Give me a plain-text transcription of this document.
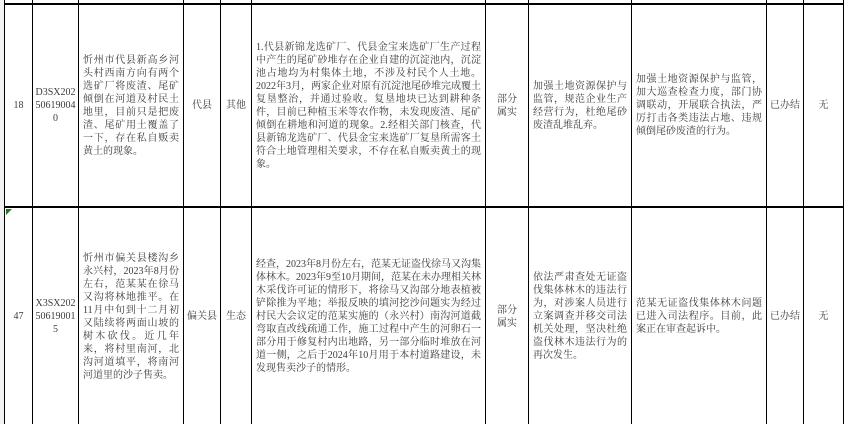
18	D3SX202506190040	忻州市代县新高乡河头村西南方向有两个选矿厂将废渣、尾矿倾倒在河道及村民土地里，目前只是把废渣、尾矿用土覆盖了一下，存在私自贩卖黄土的现象。	代县	其他	1.代县新锦龙选矿厂、代县金宝来选矿厂生产过程中产生的尾矿砂堆存在企业自建的沉淀池内，沉淀池占地均为村集体土地，不涉及村民个人土地。2022年3月，两家企业对原有沉淀池尾砂堆完成覆土复垦整治，并通过验收。复垦地块已达到耕种条件，目前已种植玉米等农作物，未发现废渣、尾矿倾倒在耕地和河道的现象。2.经相关部门核查，代县新锦龙选矿厂、代县金宝来选矿厂复垦所需客土符合土地管理相关要求，不存在私自贩卖黄土的现象。	部分属实	加强土地资源保护与监管，规范企业生产经营行为，杜绝尾砂废渣乱堆乱弃。	加强土地资源保护与监管，加大巡查检查力度，部门协调联动，开展联合执法，严厉打击各类违法占地、违规倾倒尾砂废渣的行为。	已办结	无

47	X3SX202506190015	忻州市偏关县楼沟乡永兴村，2023年8月份左右，范某某在徐马又沟将林地推平。在11月中旬到十二月初又陆续将两面山坡的树木砍伐。近几年来，将村里南河，北沟河道填平，将南河河道里的沙子售卖。	偏关县	生态	经查，2023年8月份左右，范某无证盗伐徐马又沟集体林木。2023年9至10月期间，范某在未办理相关林木采伐许可证的情形下，将徐马又沟部分地表植被铲除推为平地；举报反映的填河挖沙问题实为经过村民大会议定的范某实施的（永兴村）南沟河道截弯取直改线疏通工作，施工过程中产生的河卵石一部分用于修复村内出地路，另一部分临时堆放在河道一侧，之后于2024年10月用于本村道路建设，未发现售卖沙子的情形。	部分属实	依法严肃查处无证盗伐集体林木的违法行为，对涉案人员进行立案调查并移交司法机关处理，坚决杜绝盗伐林木违法行为的再次发生。	范某无证盗伐集体林木问题已进入司法程序。目前，此案正在审查起诉中。	已办结	无
